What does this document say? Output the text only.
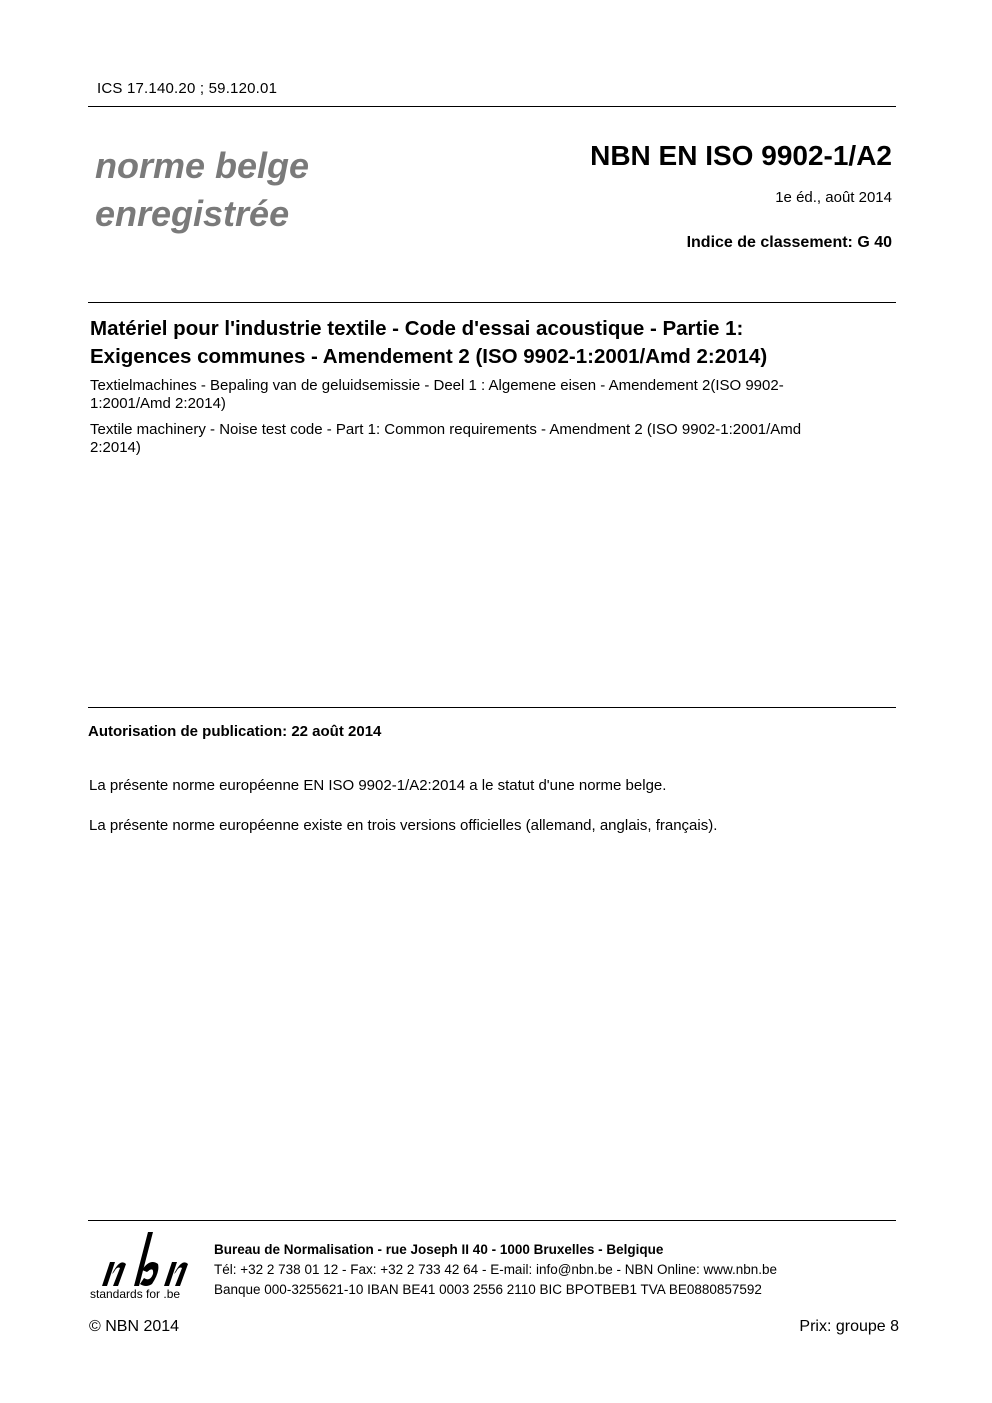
ICS 17.140.20 ; 59.120.01
norme belge
enregistrée
NBN EN ISO 9902-1/A2
1e éd., août 2014
Indice de classement: G 40
Matériel pour l'industrie textile - Code d'essai acoustique - Partie 1:
Exigences communes - Amendement 2 (ISO 9902-1:2001/Amd 2:2014)
Textielmachines - Bepaling van de geluidsemissie - Deel 1 : Algemene eisen - Amendement 2(ISO 9902-
1:2001/Amd 2:2014)
Textile machinery - Noise test code - Part 1: Common requirements - Amendment 2 (ISO 9902-1:2001/Amd
2:2014)
Autorisation de publication: 22 août 2014
La présente norme européenne EN ISO 9902-1/A2:2014 a le statut d'une norme belge.
La présente norme européenne existe en trois versions officielles (allemand, anglais, français).
standards for .be
Bureau de Normalisation - rue Joseph II 40 - 1000 Bruxelles - Belgique
Tél: +32 2 738 01 12 - Fax: +32 2 733 42 64 - E-mail: info@nbn.be - NBN Online: www.nbn.be
Banque 000-3255621-10 IBAN BE41 0003 2556 2110 BIC BPOTBEB1 TVA BE0880857592
© NBN 2014	Prix: groupe 8
